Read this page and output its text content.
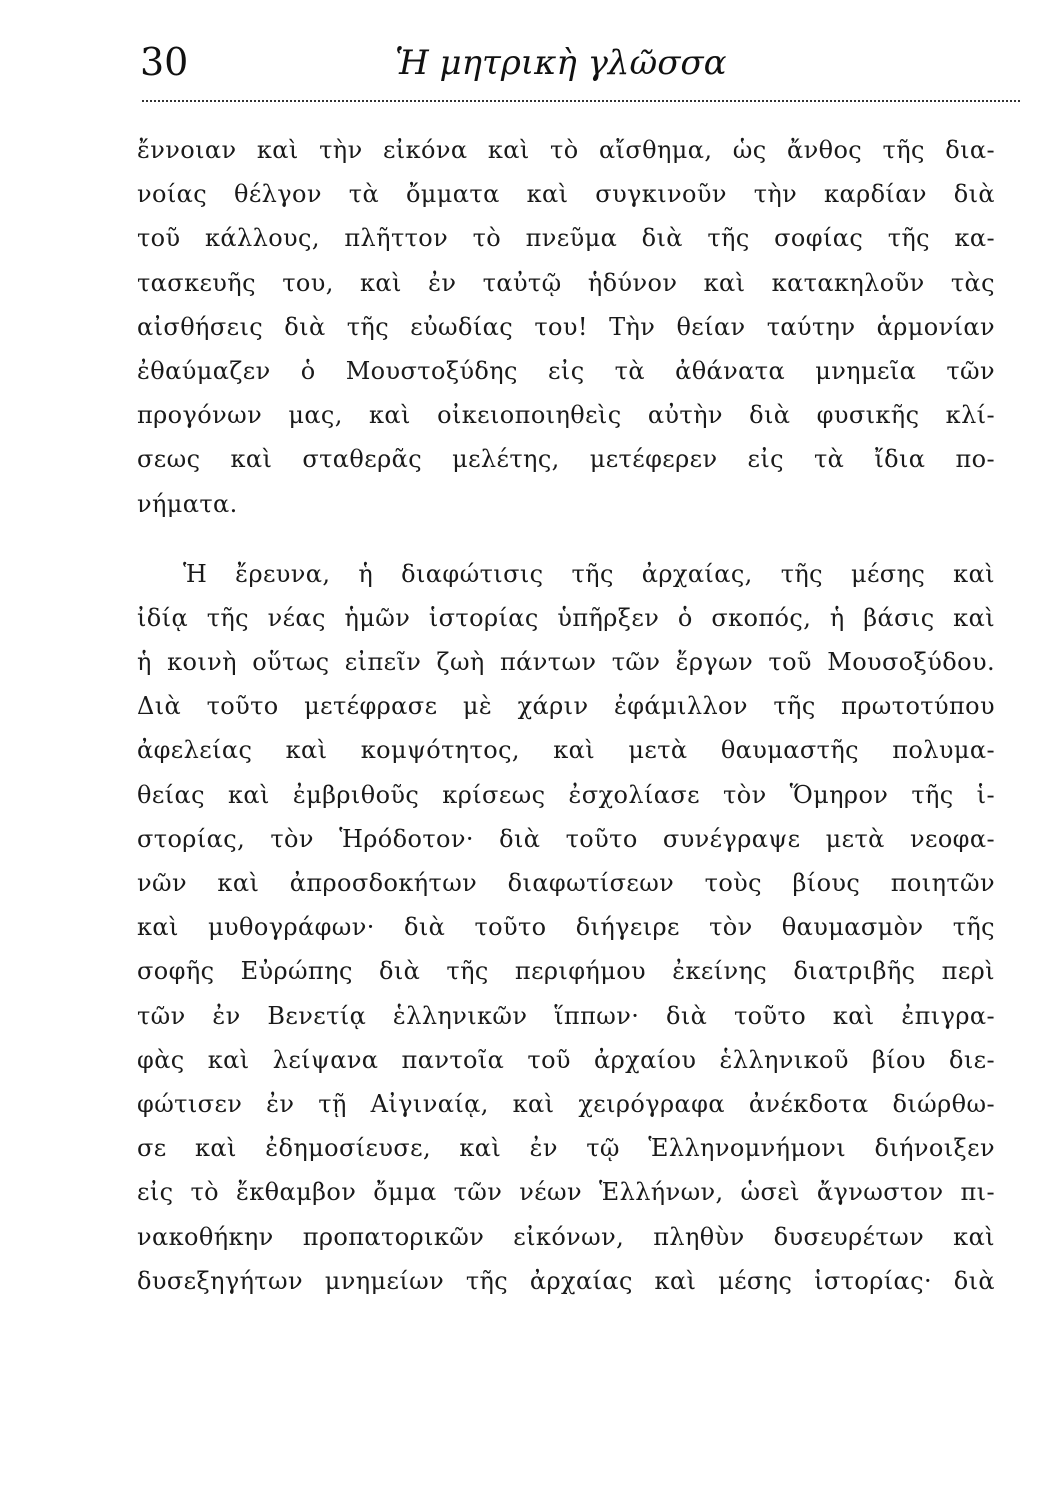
30	Ἡ μητρικὴ γλῶσσα
ἔννοιαν καὶ τὴν εἰκόνα καὶ τὸ αἴσθημα, ὡς ἄνθος τῆς δια-
νοίας θέλγον τὰ ὄμματα καὶ συγκινοῦν τὴν καρδίαν διὰ
τοῦ κάλλους, πλῆττον τὸ πνεῦμα διὰ τῆς σοφίας τῆς κα-
τασκευῆς του, καὶ ἐν ταὐτῷ ἡδύνον καὶ κατακηλοῦν τὰς
αἰσθήσεις διὰ τῆς εὐωδίας του! Τὴν θείαν ταύτην ἁρμονίαν
ἐθαύμαζεν ὁ Μουστοξύδης εἰς τὰ ἀθάνατα μνημεῖα τῶν
προγόνων μας, καὶ οἰκειοποιηθεὶς αὐτὴν διὰ φυσικῆς κλί-
σεως καὶ σταθερᾶς μελέτης, μετέφερεν εἰς τὰ ἴδια πο-
νήματα.
Ἡ ἔρευνα, ἡ διαφώτισις τῆς ἀρχαίας, τῆς μέσης καὶ
ἰδίᾳ τῆς νέας ἡμῶν ἱστορίας ὑπῆρξεν ὁ σκοπός, ἡ βάσις καὶ
ἡ κοινὴ οὕτως εἰπεῖν ζωὴ πάντων τῶν ἔργων τοῦ Μουσοξύδου.
Διὰ τοῦτο μετέφρασε μὲ χάριν ἐφάμιλλον τῆς πρωτοτύπου
ἀφελείας καὶ κομψότητος, καὶ μετὰ θαυμαστῆς πολυμα-
θείας καὶ ἐμβριθοῦς κρίσεως ἐσχολίασε τὸν Ὅμηρον τῆς ἱ-
στορίας, τὸν Ἡρόδοτον· διὰ τοῦτο συνέγραψε μετὰ νεοφα-
νῶν καὶ ἀπροσδοκήτων διαφωτίσεων τοὺς βίους ποιητῶν
καὶ μυθογράφων· διὰ τοῦτο διήγειρε τὸν θαυμασμὸν τῆς
σοφῆς Εὐρώπης διὰ τῆς περιφήμου ἐκείνης διατριβῆς περὶ
τῶν ἐν Βενετίᾳ ἑλληνικῶν ἵππων· διὰ τοῦτο καὶ ἐπιγρα-
φὰς καὶ λείψανα παντοῖα τοῦ ἀρχαίου ἑλληνικοῦ βίου διε-
φώτισεν ἐν τῇ Αἰγιναίᾳ, καὶ χειρόγραφα ἀνέκδοτα διώρθω-
σε καὶ ἐδημοσίευσε, καὶ ἐν τῷ Ἑλληνομνήμονι διήνοιξεν
εἰς τὸ ἔκθαμβον ὄμμα τῶν νέων Ἑλλήνων, ὡσεὶ ἄγνωστον πι-
νακοθήκην προπατορικῶν εἰκόνων, πληθὺν δυσευρέτων καὶ
δυσεξηγήτων μνημείων τῆς ἀρχαίας καὶ μέσης ἱστορίας· διὰ
